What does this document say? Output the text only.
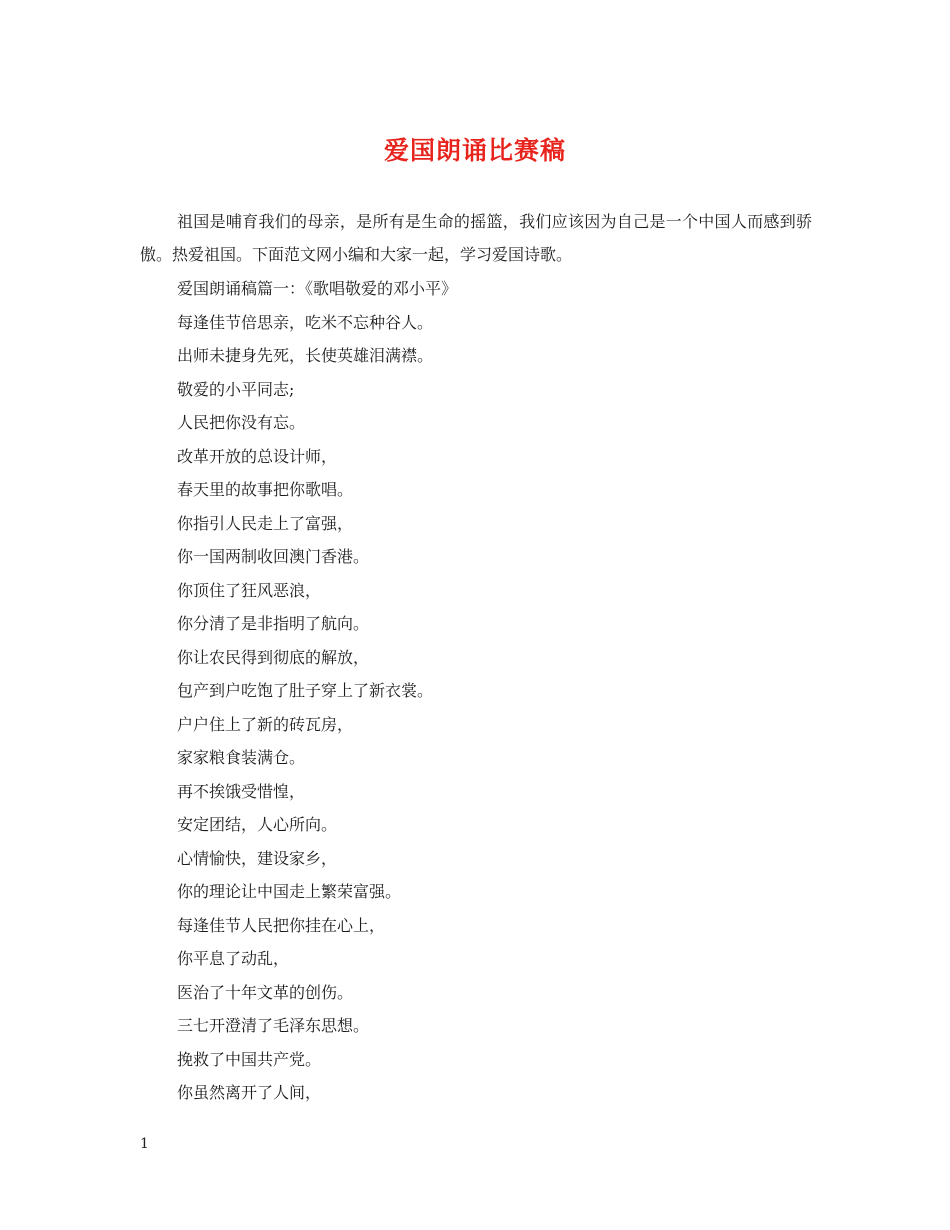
爱国朗诵比赛稿
祖国是哺育我们的母亲，是所有是生命的摇篮，我们应该因为自己是一个中国人而感到骄傲。热爱祖国。下面范文网小编和大家一起，学习爱国诗歌。
爱国朗诵稿篇一：《歌唱敬爱的邓小平》
每逢佳节倍思亲，吃米不忘种谷人。
出师未捷身先死，长使英雄泪满襟。
敬爱的小平同志;
人民把你没有忘。
改革开放的总设计师，
春天里的故事把你歌唱。
你指引人民走上了富强，
你一国两制收回澳门香港。
你顶住了狂风恶浪，
你分清了是非指明了航向。
你让农民得到彻底的解放，
包产到户吃饱了肚子穿上了新衣裳。
户户住上了新的砖瓦房，
家家粮食装满仓。
再不挨饿受惜惶，
安定团结，人心所向。
心情愉快，建设家乡，
你的理论让中国走上繁荣富强。
每逢佳节人民把你挂在心上，
你平息了动乱，
医治了十年文革的创伤。
三七开澄清了毛泽东思想。
挽救了中国共产党。
你虽然离开了人间，
1
